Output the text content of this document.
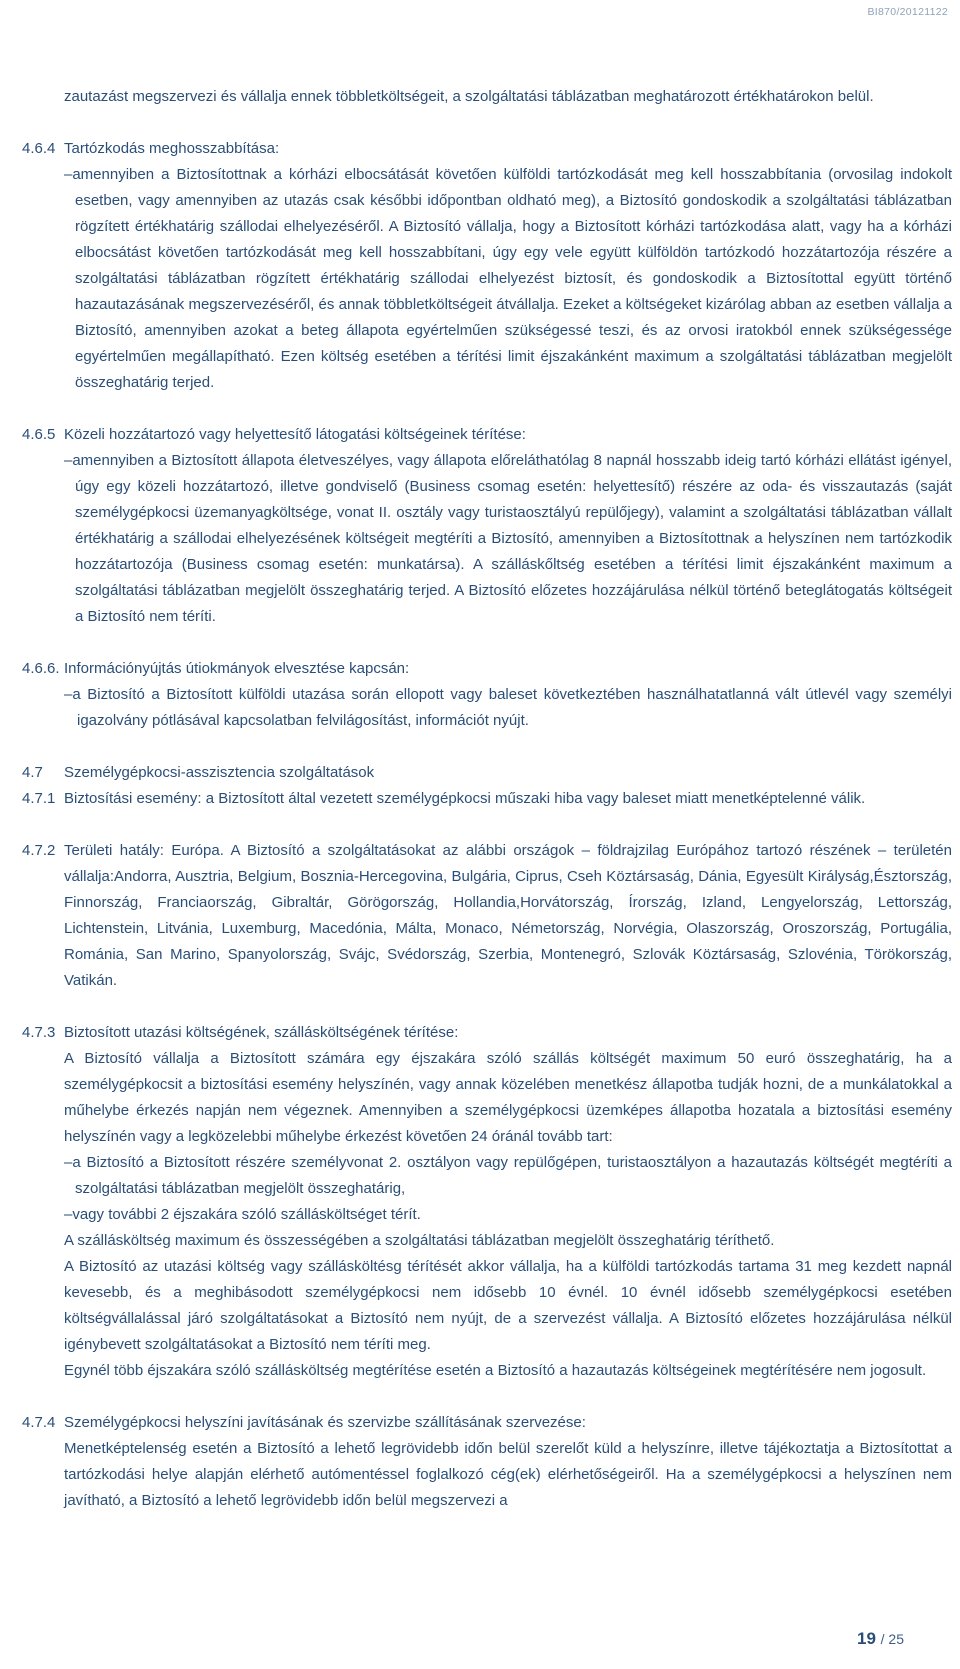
BI870/20121122

zautazást megszervezi és vállalja ennek többletköltségeit, a szolgáltatási táblázatban meghatározott értékhatárokon belül.

4.6.4 Tartózkodás meghosszabbítása:

–amennyiben a Biztosítottnak a kórházi elbocsátását követően külföldi tartózkodását meg kell hosszabbítania (orvosilag indokolt esetben, vagy amennyiben az utazás csak későbbi időpontban oldható meg), a Biztosító gondoskodik a szolgáltatási táblázatban rögzített értékhatárig szállodai elhelyezéséről. A Biztosító vállalja, hogy a Biztosított kórházi tartózkodása alatt, vagy ha a kórházi elbocsátást követően tartózkodását meg kell hosszabbítani, úgy egy vele együtt külföldön tartózkodó hozzátartozója részére a szolgáltatási táblázatban rögzített értékhatárig szállodai elhelyezést biztosít, és gondoskodik a Biztosítottal együtt történő hazautazásának megszervezéséről, és annak többletköltségeit átvállalja. Ezeket a költségeket kizárólag abban az esetben vállalja a Biztosító, amennyiben azokat a beteg állapota egyértelműen szükségessé teszi, és az orvosi iratokból ennek szükségessége egyértelműen megállapítható. Ezen költség esetében a térítési limit éjszakánként maximum a szolgáltatási táblázatban megjelölt összeghatárig terjed.

4.6.5 Közeli hozzátartozó vagy helyettesítő látogatási költségeinek térítése:

–amennyiben a Biztosított állapota életveszélyes, vagy állapota előreláthatólag 8 napnál hosszabb ideig tartó kórházi ellátást igényel, úgy egy közeli hozzátartozó, illetve gondviselő (Business csomag esetén: helyettesítő) részére az oda- és visszautazás (saját személygépkocsi üzemanyagköltsége, vonat II. osztály vagy turistaosztályú repülőjegy), valamint a szolgáltatási táblázatban vállalt értékhatárig a szállodai elhelyezésének költségeit megtéríti a Biztosító, amennyiben a Biztosítottnak a helyszínen nem tartózkodik hozzátartozója (Business csomag esetén: munkatársa). A szálláskőltség esetében a térítési limit éjszakánként maximum a szolgáltatási táblázatban megjelölt összeghatárig terjed. A Biztosító előzetes hozzájárulása nélkül történő beteglátogatás költségeit a Biztosító nem téríti.

4.6.6. Információnyújtás útiokmányok elvesztése kapcsán:

–a Biztosító a Biztosított külföldi utazása során ellopott vagy baleset következtében használhatatlanná vált útlevél vagy személyi igazolvány pótlásával kapcsolatban felvilágosítást, információt nyújt.

4.7	Személygépkocsi-asszisztencia szolgáltatások

4.7.1 Biztosítási esemény: a Biztosított által vezetett személygépkocsi műszaki hiba vagy baleset miatt menetképtelenné válik.

4.7.2 Területi hatály: Európa. A Biztosító a szolgáltatásokat az alábbi országok – földrajzilag Európához tartozó részének – területén vállalja:Andorra, Ausztria, Belgium, Bosznia-Hercegovina, Bulgária, Ciprus, Cseh Köztársaság, Dánia, Egyesült Királyság,Észtország, Finnország, Franciaország, Gibraltár, Görögország, Hollandia,Horvátország, Írország, Izland, Lengyelország, Lettország, Lichtenstein, Litvánia, Luxemburg, Macedónia, Málta, Monaco, Németország, Norvégia, Olaszország, Oroszország, Portugália, Románia, San Marino, Spanyolország, Svájc, Svédország, Szerbia, Montenegró, Szlovák Köztársaság, Szlovénia, Törökország, Vatikán.

4.7.3 Biztosított utazási költségének, szállásköltségének térítése:

A Biztosító vállalja a Biztosított számára egy éjszakára szóló szállás költségét maximum 50 euró összeghatárig, ha a személygépkocsit a biztosítási esemény helyszínén, vagy annak közelében menetkész állapotba tudják hozni, de a munkálatokkal a műhelybe érkezés napján nem végeznek. Amennyiben a személygépkocsi üzemképes állapotba hozatala a biztosítási esemény helyszínén vagy a legközelebbi műhelybe érkezést követően 24 óránál tovább tart:

–a Biztosító a Biztosított részére személyvonat 2. osztályon vagy repülőgépen, turistaosztályon a hazautazás költségét megtéríti a szolgáltatási táblázatban megjelölt összeghatárig,

–vagy további 2 éjszakára szóló szállásköltséget térít.

A szállásköltség maximum és összességében a szolgáltatási táblázatban megjelölt összeghatárig téríthető.

A Biztosító az utazási költség vagy szállásköltésg térítését akkor vállalja, ha a külföldi tartózkodás tartama 31 meg kezdett napnál kevesebb, és a meghibásodott személygépkocsi nem idősebb 10 évnél. 10 évnél idősebb személygépkocsi esetében költségvállalással járó szolgáltatásokat a Biztosító nem nyújt, de a szervezést vállalja. A Biztosító előzetes hozzájárulása nélkül igénybevett szolgáltatásokat a Biztosító nem téríti meg.

Egynél több éjszakára szóló szállásköltség megtérítése esetén a Biztosító a hazautazás költségeinek megtérítésére nem jogosult.

4.7.4 Személygépkocsi helyszíni javításának és szervizbe szállításának szervezése:

Menetképtelenség esetén a Biztosító a lehető legrövidebb időn belül szerelőt küld a helyszínre, illetve tájékoztatja a Biztosítottat a tartózkodási helye alapján elérhető autómentéssel foglalkozó cég(ek) elérhetőségeiről. Ha a személygépkocsi a helyszínen nem javítható, a Biztosító a lehető legrövidebb időn belül megszervezi a

19 / 25
